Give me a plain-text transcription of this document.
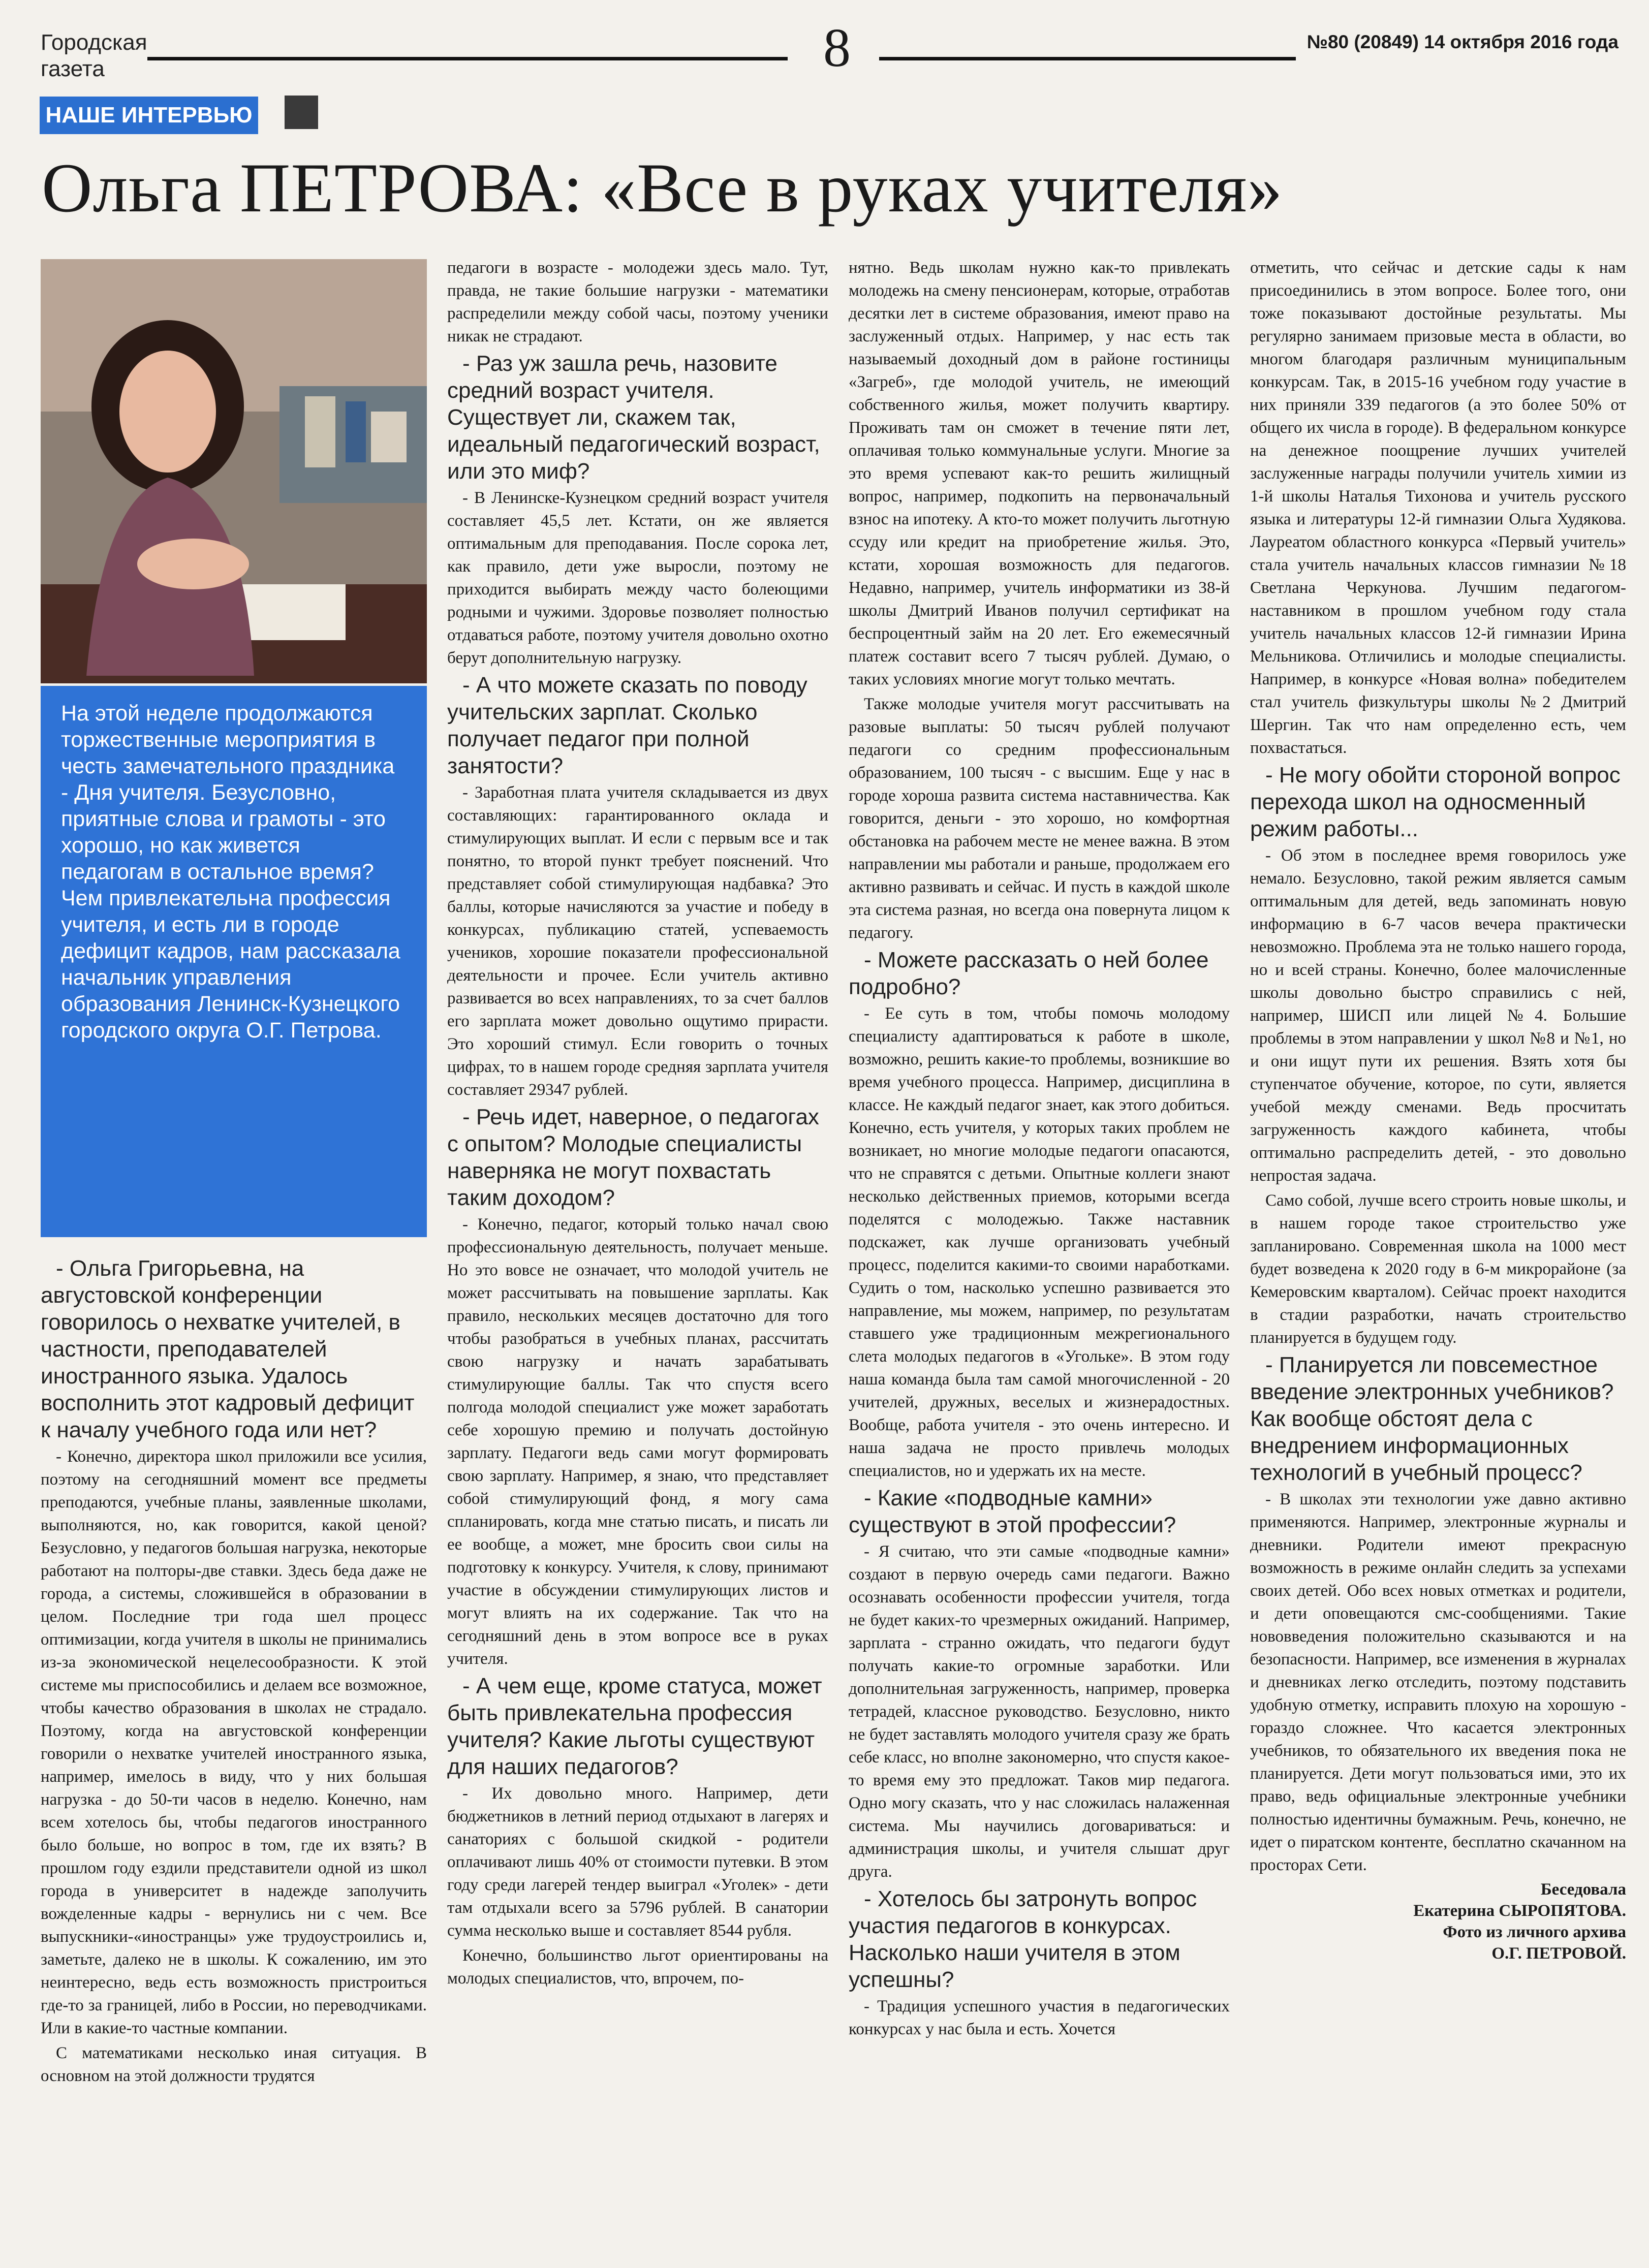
Городская
газета	8	№80 (20849) 14 октября 2016 года
НАШЕ ИНТЕРВЬЮ
Ольга ПЕТРОВА: «Все в руках учителя»

На этой неделе продолжаются торжественные мероприятия в честь замечательного праздника - Дня учителя. Безусловно, приятные слова и грамоты - это хорошо, но как живется педагогам в остальное время? Чем привлекательна профессия учителя, и есть ли в городе дефицит кадров, нам рассказала начальник управления образования Ленинск-Кузнецкого городского округа О.Г. Петрова.

- Ольга Григорьевна, на августовской конференции говорилось о нехватке учителей, в частности, преподавателей иностранного языка. Удалось восполнить этот кадровый дефицит к началу учебного года или нет?

- Конечно, директора школ приложили все усилия, поэтому на сегодняшний момент все предметы преподаются, учебные планы, заявленные школами, выполняются, но, как говорится, какой ценой? Безусловно, у педагогов большая нагрузка, некоторые работают на полторы-две ставки. Здесь беда даже не города, а системы, сложившейся в образовании в целом. Последние три года шел процесс оптимизации, когда учителя в школы не принимались из-за экономической нецелесообразности. К этой системе мы приспособились и делаем все возможное, чтобы качество образования в школах не страдало. Поэтому, когда на августовской конференции говорили о нехватке учителей иностранного языка, например, имелось в виду, что у них большая нагрузка - до 50-ти часов в неделю. Конечно, нам всем хотелось бы, чтобы педагогов иностранного было больше, но вопрос в том, где их взять? В прошлом году ездили представители одной из школ города в университет в надежде заполучить вожделенные кадры - вернулись ни с чем. Все выпускники-«иностранцы» уже трудоустроились и, заметьте, далеко не в школы. К сожалению, им это неинтересно, ведь есть возможность пристроиться где-то за границей, либо в России, но переводчиками. Или в какие-то частные компании.

С математиками несколько иная ситуация. В основном на этой должности трудятся

педагоги в возрасте - молодежи здесь мало. Тут, правда, не такие большие нагрузки - математики распределили между собой часы, поэтому ученики никак не страдают.

- Раз уж зашла речь, назовите средний возраст учителя. Существует ли, скажем так, идеальный педагогический возраст, или это миф?

- В Ленинске-Кузнецком средний возраст учителя составляет 45,5 лет. Кстати, он же является оптимальным для преподавания. После сорока лет, как правило, дети уже выросли, поэтому не приходится выбирать между часто болеющими родными и чужими. Здоровье позволяет полностью отдаваться работе, поэтому учителя довольно охотно берут дополнительную нагрузку.

- А что можете сказать по поводу учительских зарплат. Сколько получает педагог при полной занятости?

- Заработная плата учителя складывается из двух составляющих: гарантированного оклада и стимулирующих выплат. И если с первым все и так понятно, то второй пункт требует пояснений. Что представляет собой стимулирующая надбавка? Это баллы, которые начисляются за участие и победу в конкурсах, публикацию статей, успеваемость учеников, хорошие показатели профессиональной деятельности и прочее. Если учитель активно развивается во всех направлениях, то за счет баллов его зарплата может довольно ощутимо прирасти. Это хороший стимул. Если говорить о точных цифрах, то в нашем городе средняя зарплата учителя составляет 29347 рублей.

- Речь идет, наверное, о педагогах с опытом? Молодые специалисты наверняка не могут похвастать таким доходом?

- Конечно, педагог, который только начал свою профессиональную деятельность, получает меньше. Но это вовсе не означает, что молодой учитель не может рассчитывать на повышение зарплаты. Как правило, нескольких месяцев достаточно для того чтобы разобраться в учебных планах, рассчитать свою нагрузку и начать зарабатывать стимулирующие баллы. Так что спустя всего полгода молодой специалист уже может заработать себе хорошую премию и получать достойную зарплату. Педагоги ведь сами могут формировать свою зарплату. Например, я знаю, что представляет собой стимулирующий фонд, я могу сама спланировать, когда мне статью писать, и писать ли ее вообще, а может, мне бросить свои силы на подготовку к конкурсу. Учителя, к слову, принимают участие в обсуждении стимулирующих листов и могут влиять на их содержание. Так что на сегодняшний день в этом вопросе все в руках учителя.

- А чем еще, кроме статуса, может быть привлекательна профессия учителя? Какие льготы существуют для наших педагогов?

- Их довольно много. Например, дети бюджетников в летний период отдыхают в лагерях и санаториях с большой скидкой - родители оплачивают лишь 40% от стоимости путевки. В этом году среди лагерей тендер выиграл «Уголек» - дети там отдыхали всего за 5796 рублей. В санатории сумма несколько выше и составляет 8544 рубля.

Конечно, большинство льгот ориентированы на молодых специалистов, что, впрочем, по-

нятно. Ведь школам нужно как-то привлекать молодежь на смену пенсионерам, которые, отработав десятки лет в системе образования, имеют право на заслуженный отдых. Например, у нас есть так называемый доходный дом в районе гостиницы «Загреб», где молодой учитель, не имеющий собственного жилья, может получить квартиру. Проживать там он сможет в течение пяти лет, оплачивая только коммунальные услуги. Многие за это время успевают как-то решить жилищный вопрос, например, подкопить на первоначальный взнос на ипотеку. А кто-то может получить льготную ссуду или кредит на приобретение жилья. Это, кстати, хорошая возможность для педагогов. Недавно, например, учитель информатики из 38-й школы Дмитрий Иванов получил сертификат на беспроцентный займ на 20 лет. Его ежемесячный платеж составит всего 7 тысяч рублей. Думаю, о таких условиях многие могут только мечтать.

Также молодые учителя могут рассчитывать на разовые выплаты: 50 тысяч рублей получают педагоги со средним профессиональным образованием, 100 тысяч - с высшим. Еще у нас в городе хороша развита система наставничества. Как говорится, деньги - это хорошо, но комфортная обстановка на рабочем месте не менее важна. В этом направлении мы работали и раньше, продолжаем его активно развивать и сейчас. И пусть в каждой школе эта система разная, но всегда она повернута лицом к педагогу.

- Можете рассказать о ней более подробно?

- Ее суть в том, чтобы помочь молодому специалисту адаптироваться к работе в школе, возможно, решить какие-то проблемы, возникшие во время учебного процесса. Например, дисциплина в классе. Не каждый педагог знает, как этого добиться. Конечно, есть учителя, у которых таких проблем не возникает, но многие молодые педагоги опасаются, что не справятся с детьми. Опытные коллеги знают несколько действенных приемов, которыми всегда поделятся с молодежью. Также наставник подскажет, как лучше организовать учебный процесс, поделится какими-то своими наработками. Судить о том, насколько успешно развивается это направление, мы можем, например, по результатам ставшего уже традиционным межрегионального слета молодых педагогов в «Угольке». В этом году наша команда была там самой многочисленной - 20 учителей, дружных, веселых и жизнерадостных. Вообще, работа учителя - это очень интересно. И наша задача не просто привлечь молодых специалистов, но и удержать их на месте.

- Какие «подводные камни» существуют в этой профессии?

- Я считаю, что эти самые «подводные камни» создают в первую очередь сами педагоги. Важно осознавать особенности профессии учителя, тогда не будет каких-то чрезмерных ожиданий. Например, зарплата - странно ожидать, что педагоги будут получать какие-то огромные заработки. Или дополнительная загруженность, например, проверка тетрадей, классное руководство. Безусловно, никто не будет заставлять молодого учителя сразу же брать себе класс, но вполне закономерно, что спустя какое-то время ему это предложат. Таков мир педагога. Одно могу сказать, что у нас сложилась налаженная система. Мы научились договариваться: и администрация школы, и учителя слышат друг друга.

- Хотелось бы затронуть вопрос участия педагогов в конкурсах. Насколько наши учителя в этом успешны?

- Традиция успешного участия в педагогических конкурсах у нас была и есть. Хочется

отметить, что сейчас и детские сады к нам присоединились в этом вопросе. Более того, они тоже показывают достойные результаты. Мы регулярно занимаем призовые места в области, во многом благодаря различным муниципальным конкурсам. Так, в 2015-16 учебном году участие в них приняли 339 педагогов (а это более 50% от общего их числа в городе). В федеральном конкурсе на денежное поощрение лучших учителей заслуженные награды получили учитель химии из 1-й школы Наталья Тихонова и учитель русского языка и литературы 12-й гимназии Ольга Худякова. Лауреатом областного конкурса «Первый учитель» стала учитель начальных классов гимназии №18 Светлана Черкунова. Лучшим педагогом-наставником в прошлом учебном году стала учитель начальных классов 12-й гимназии Ирина Мельникова. Отличились и молодые специалисты. Например, в конкурсе «Новая волна» победителем стал учитель физкультуры школы №2 Дмитрий Шергин. Так что нам определенно есть, чем похвастаться.

- Не могу обойти стороной вопрос перехода школ на односменный режим работы...

- Об этом в последнее время говорилось уже немало. Безусловно, такой режим является самым оптимальным для детей, ведь запоминать новую информацию в 6-7 часов вечера практически невозможно. Проблема эта не только нашего города, но и всей страны. Конечно, более малочисленные школы довольно быстро справились с ней, например, ШИСП или лицей №4. Большие проблемы в этом направлении у школ №8 и №1, но и они ищут пути их решения. Взять хотя бы ступенчатое обучение, которое, по сути, является учебой между сменами. Ведь просчитать загруженность каждого кабинета, чтобы оптимально распределить детей, - это довольно непростая задача.

Само собой, лучше всего строить новые школы, и в нашем городе такое строительство уже запланировано. Современная школа на 1000 мест будет возведена к 2020 году в 6-м микрорайоне (за Кемеровским кварталом). Сейчас проект находится в стадии разработки, начать строительство планируется в будущем году.

- Планируется ли повсеместное введение электронных учебников? Как вообще обстоят дела с внедрением информационных технологий в учебный процесс?

- В школах эти технологии уже давно активно применяются. Например, электронные журналы и дневники. Родители имеют прекрасную возможность в режиме онлайн следить за успехами своих детей. Обо всех новых отметках и родители, и дети оповещаются смс-сообщениями. Такие нововведения положительно сказываются и на безопасности. Например, все изменения в журналах и дневниках легко отследить, поэтому подставить удобную отметку, исправить плохую на хорошую - гораздо сложнее. Что касается электронных учебников, то обязательного их введения пока не планируется. Дети могут пользоваться ими, это их право, ведь официальные электронные учебники полностью идентичны бумажным. Речь, конечно, не идет о пиратском контенте, бесплатно скачанном на просторах Сети.

Беседовала
Екатерина СЫРОПЯТОВА.
Фото из личного архива
О.Г. ПЕТРОВОЙ.
